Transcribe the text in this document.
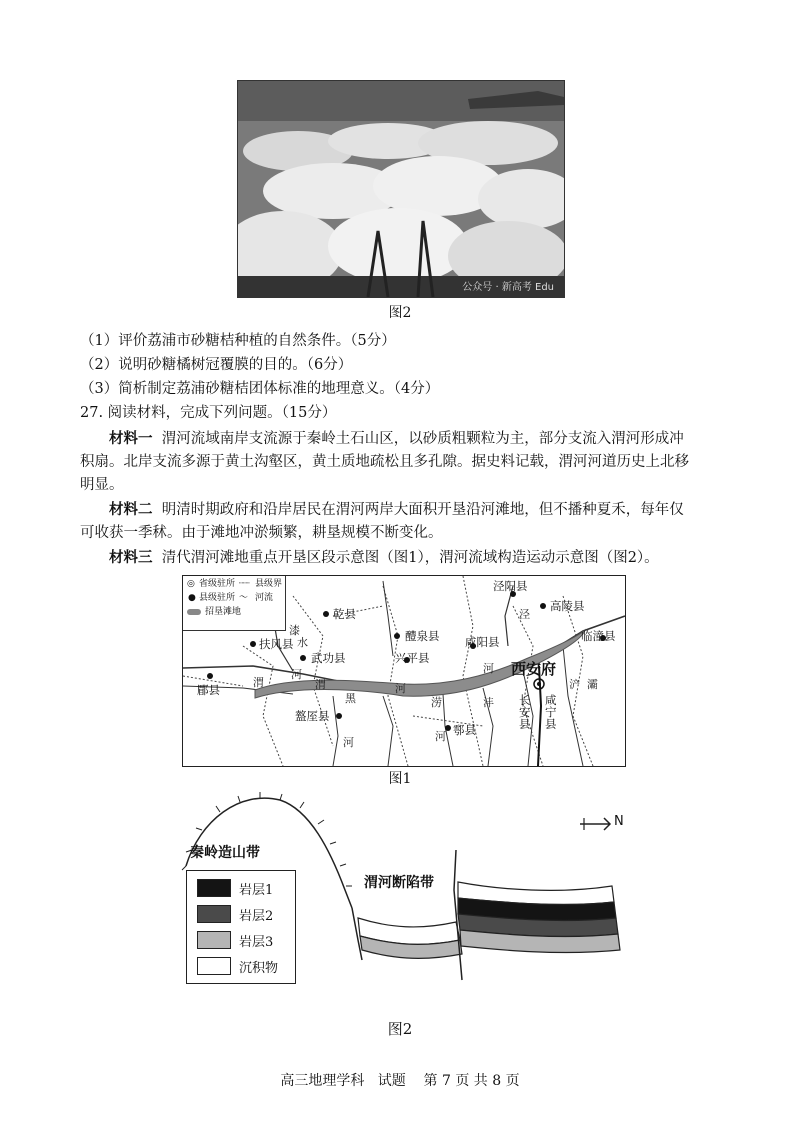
公众号 · 新高考 Edu
图2
（1）评价荔浦市砂糖桔种植的自然条件。（5分）
（2）说明砂糖橘树冠覆膜的目的。（6分）
（3）简析制定荔浦砂糖桔团体标准的地理意义。（4分）
27. 阅读材料，完成下列问题。（15分）
材料一 渭河流域南岸支流源于秦岭土石山区，以砂质粗颗粒为主，部分支流入渭河形成冲
积扇。北岸支流多源于黄土沟壑区，黄土质地疏松且多孔隙。据史料记载，渭河河道历史上北移
明显。
材料二 明清时期政府和沿岸居民在渭河两岸大面积开垦沿河滩地，但不播种夏禾，每年仅
可收获一季秫。由于滩地冲淤频繁，耕垦规模不断变化。
材料三 清代渭河滩地重点开垦区段示意图（图1），渭河流域构造运动示意图（图2）。
◎ 省级驻所 ┈┈ 县级界
● 县级驻所 〜 河流
招垦滩地	乾县
醴泉县
泾阳县
高陵县
扶风县
武功县	兴平县
咸阳县	临潼县
郿县
盩厔县
鄠县
长安县
咸宁县
西安府
渭
河
渭	河
河
漆
水
泾
涝
河
沣
灞
浐
黑
河
图1
N
秦岭造山带
渭河断陷带
岩层1
岩层2
岩层3
沉积物
图2
高三地理学科 试题 第 7 页 共 8 页
